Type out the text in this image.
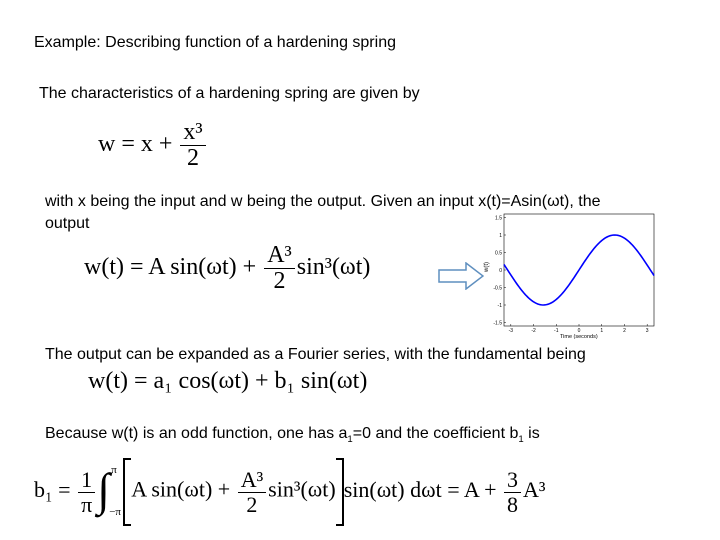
Example: Describing function of a hardening spring
The characteristics of a hardening spring are given by
$w = x + \frac{\text{x³}}{2}$
with x being the input and w being the output. Given an input x(t)=Asin(ωt), the
output
w(t) = A $\sin(\omega t) + \frac{\text{A³}}{2} \sin^3(\omega t)$
1.5
1
0.5
0
-0.5
-1
-1.5
-3	-2	-1	0	1	2	3
w(t)
Time (seconds)
The output can be expanded as a Fourier series, with the fundamental being
w(t) = a₁ cos(ωt) + b₁ sin(ωt)
Because w(t) is an odd function, one has $a_1=0$ and the coefficient $b_1$ is
$b_1 = \frac{1}{\pi}$ ∫ π
−π
A $\sin(\omega t) + \frac{\text{A³}}{2} \sin^3(\omega t)$ sin(ωt) $d\omega t = A + \frac{3}{8} A^3$
